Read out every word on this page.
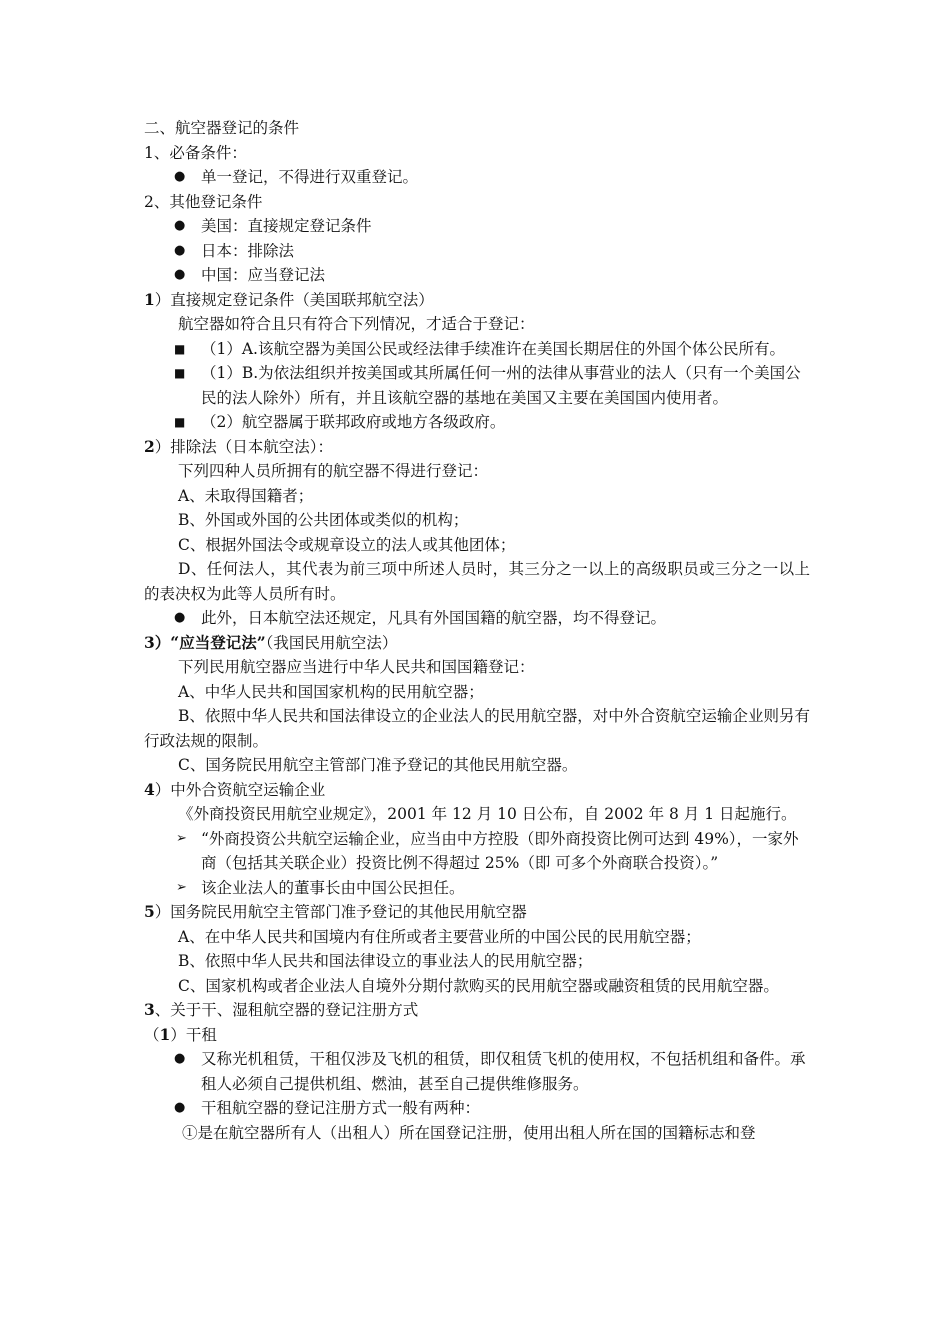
二、航空器登记的条件
1、必备条件：
● 单一登记，不得进行双重登记。
2、其他登记条件
● 美国：直接规定登记条件
● 日本：排除法
● 中国：应当登记法
1）直接规定登记条件（美国联邦航空法）
航空器如符合且只有符合下列情况，才适合于登记：
■ （1）A.该航空器为美国公民或经法律手续准许在美国长期居住的外国个体公民所有。
■ （1）B.为依法组织并按美国或其所属任何一州的法律从事营业的法人（只有一个美国公民的法人除外）所有，并且该航空器的基地在美国又主要在美国国内使用者。
■ （2）航空器属于联邦政府或地方各级政府。
2）排除法（日本航空法）：
下列四种人员所拥有的航空器不得进行登记：
A、未取得国籍者；
B、外国或外国的公共团体或类似的机构；
C、根据外国法令或规章设立的法人或其他团体；
D、任何法人，其代表为前三项中所述人员时，其三分之一以上的高级职员或三分之一以上的表决权为此等人员所有时。
● 此外，日本航空法还规定，凡具有外国国籍的航空器，均不得登记。
3）“应当登记法”（我国民用航空法）
下列民用航空器应当进行中华人民共和国国籍登记：
A、中华人民共和国国家机构的民用航空器；
B、依照中华人民共和国法律设立的企业法人的民用航空器，对中外合资航空运输企业则另有行政法规的限制。
C、国务院民用航空主管部门准予登记的其他民用航空器。
4）中外合资航空运输企业
《外商投资民用航空业规定》，2001 年 12 月 10 日公布，自 2002 年 8 月 1 日起施行。
➢ “外商投资公共航空运输企业，应当由中方控股（即外商投资比例可达到 49%），一家外商（包括其关联企业）投资比例不得超过 25%（即 可多个外商联合投资）。”
➢ 该企业法人的董事长由中国公民担任。
5）国务院民用航空主管部门准予登记的其他民用航空器
A、在中华人民共和国境内有住所或者主要营业所的中国公民的民用航空器；
B、依照中华人民共和国法律设立的事业法人的民用航空器；
C、国家机构或者企业法人自境外分期付款购买的民用航空器或融资租赁的民用航空器。
3、关于干、湿租航空器的登记注册方式
（1）干租
● 又称光机租赁，干租仅涉及飞机的租赁，即仅租赁飞机的使用权，不包括机组和备件。承租人必须自己提供机组、燃油，甚至自己提供维修服务。
● 干租航空器的登记注册方式一般有两种：
①是在航空器所有人（出租人）所在国登记注册，使用出租人所在国的国籍标志和登
